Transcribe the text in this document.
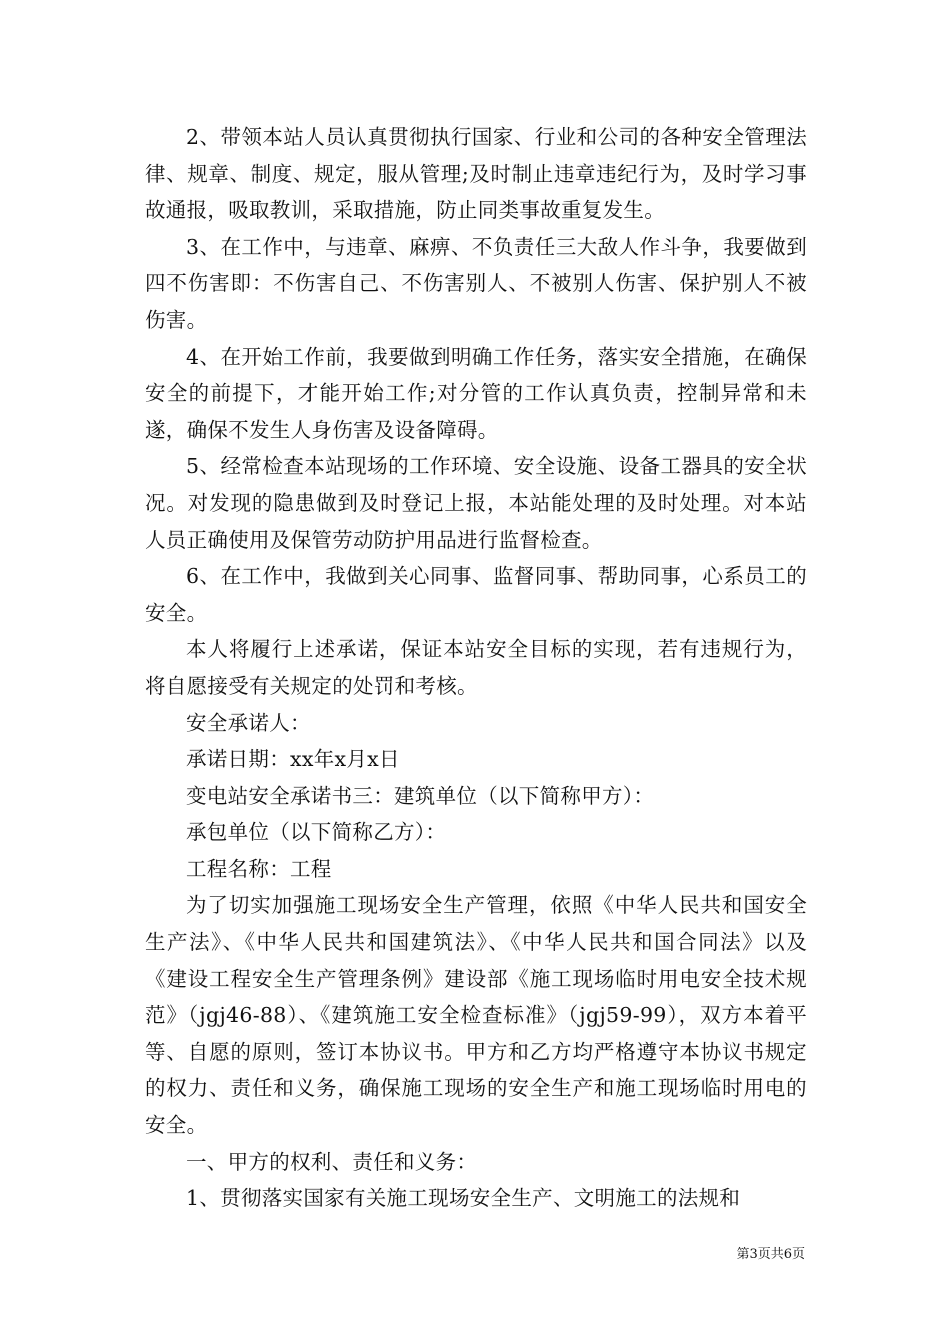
2、带领本站人员认真贯彻执行国家、行业和公司的各种安全管理法律、规章、制度、规定，服从管理;及时制止违章违纪行为，及时学习事故通报，吸取教训，采取措施，防止同类事故重复发生。

3、在工作中，与违章、麻痹、不负责任三大敌人作斗争，我要做到四不伤害即：不伤害自己、不伤害别人、不被别人伤害、保护别人不被伤害。

4、在开始工作前，我要做到明确工作任务，落实安全措施，在确保安全的前提下，才能开始工作;对分管的工作认真负责，控制异常和未遂，确保不发生人身伤害及设备障碍。

5、经常检查本站现场的工作环境、安全设施、设备工器具的安全状况。对发现的隐患做到及时登记上报，本站能处理的及时处理。对本站人员正确使用及保管劳动防护用品进行监督检查。

6、在工作中，我做到关心同事、监督同事、帮助同事，心系员工的安全。

本人将履行上述承诺，保证本站安全目标的实现，若有违规行为，将自愿接受有关规定的处罚和考核。

安全承诺人：

承诺日期：xx年x月x日

变电站安全承诺书三：建筑单位（以下简称甲方）：

承包单位（以下简称乙方）：

工程名称：工程

为了切实加强施工现场安全生产管理，依照《中华人民共和国安全生产法》、《中华人民共和国建筑法》、《中华人民共和国合同法》以及《建设工程安全生产管理条例》建设部《施工现场临时用电安全技术规范》（jgj46-88）、《建筑施工安全检查标准》（jgj59-99），双方本着平等、自愿的原则，签订本协议书。甲方和乙方均严格遵守本协议书规定的权力、责任和义务，确保施工现场的安全生产和施工现场临时用电的安全。

一、甲方的权利、责任和义务：

1、贯彻落实国家有关施工现场安全生产、文明施工的法规和

第3页共6页
